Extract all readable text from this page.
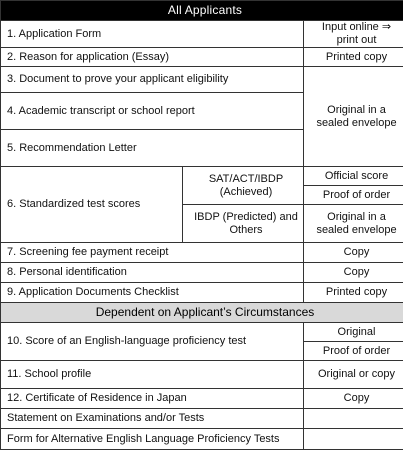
All Applicants		
1. Application Form		Input online ⇒ print out
2. Reason for application (Essay)		Printed copy
3. Document to prove your applicant eligibility		Original in a sealed envelope
4. Academic transcript or school report		
5. Recommendation Letter		
6. Standardized test scores	SAT/ACT/IBDP (Achieved)	Official score
		Proof of order
	IBDP (Predicted) and Others	Original in a sealed envelope

7. Screening fee payment receipt		Copy
8. Personal identification		Copy
9. Application Documents Checklist		Printed copy
Dependent on Applicant’s Circumstances		
10. Score of an English-language proficiency test		Original
		Proof of order
11. School profile		Original or copy
12. Certificate of Residence in Japan		Copy
Statement on Examinations and/or Tests		
Form for Alternative English Language Proficiency Tests		
